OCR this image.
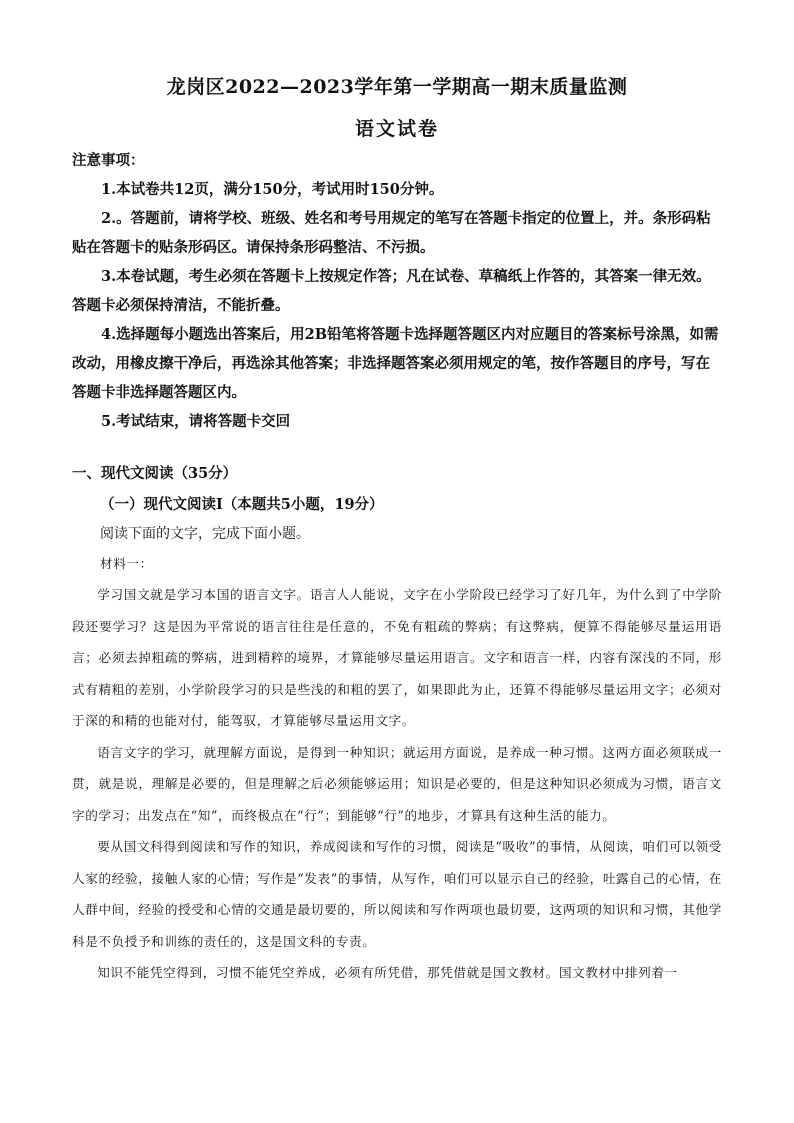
龙岗区2022—2023学年第一学期高一期末质量监测
语文试卷
注意事项：

1.本试卷共12页，满分150分，考试用时150分钟。

2.。答题前，请将学校、班级、姓名和考号用规定的笔写在答题卡指定的位置上，并。条形码粘贴在答题卡的贴条形码区。请保持条形码整洁、不污损。

3.本卷试题，考生必须在答题卡上按规定作答；凡在试卷、草稿纸上作答的，其答案一律无效。答题卡必须保持清洁，不能折叠。

4.选择题每小题选出答案后，用2B铅笔将答题卡选择题答题区内对应题目的答案标号涂黑，如需改动，用橡皮擦干净后，再选涂其他答案；非选择题答案必须用规定的笔，按作答题目的序号，写在答题卡非选择题答题区内。

5.考试结束，请将答题卡交回

一、现代文阅读（35分）
（一）现代文阅读Ⅰ（本题共5小题，19分）
阅读下面的文字，完成下面小题。
材料一：

学习国文就是学习本国的语言文字。语言人人能说，文字在小学阶段已经学习了好几年，为什么到了中学阶段还要学习？这是因为平常说的语言往往是任意的，不免有粗疏的弊病；有这弊病，便算不得能够尽量运用语言；必须去掉粗疏的弊病，进到精粹的境界，才算能够尽量运用语言。文字和语言一样，内容有深浅的不同，形式有精粗的差别，小学阶段学习的只是些浅的和粗的罢了，如果即此为止，还算不得能够尽量运用文字；必须对于深的和精的也能对付，能驾驭，才算能够尽量运用文字。

语言文字的学习，就理解方面说，是得到一种知识；就运用方面说，是养成一种习惯。这两方面必须联成一贯，就是说，理解是必要的，但是理解之后必须能够运用；知识是必要的，但是这种知识必须成为习惯，语言文字的学习；出发点在“知”，而终极点在“行”；到能够“行”的地步，才算具有这种生活的能力。

要从国文科得到阅读和写作的知识，养成阅读和写作的习惯，阅读是“吸收”的事情，从阅读，咱们可以领受人家的经验，接触人家的心情；写作是“发表”的事情，从写作，咱们可以显示自己的经验，吐露自己的心情，在人群中间，经验的授受和心情的交通是最切要的，所以阅读和写作两项也最切要，这两项的知识和习惯，其他学科是不负授予和训练的责任的，这是国文科的专责。

知识不能凭空得到，习惯不能凭空养成，必须有所凭借，那凭借就是国文教材。国文教材中排列着一
